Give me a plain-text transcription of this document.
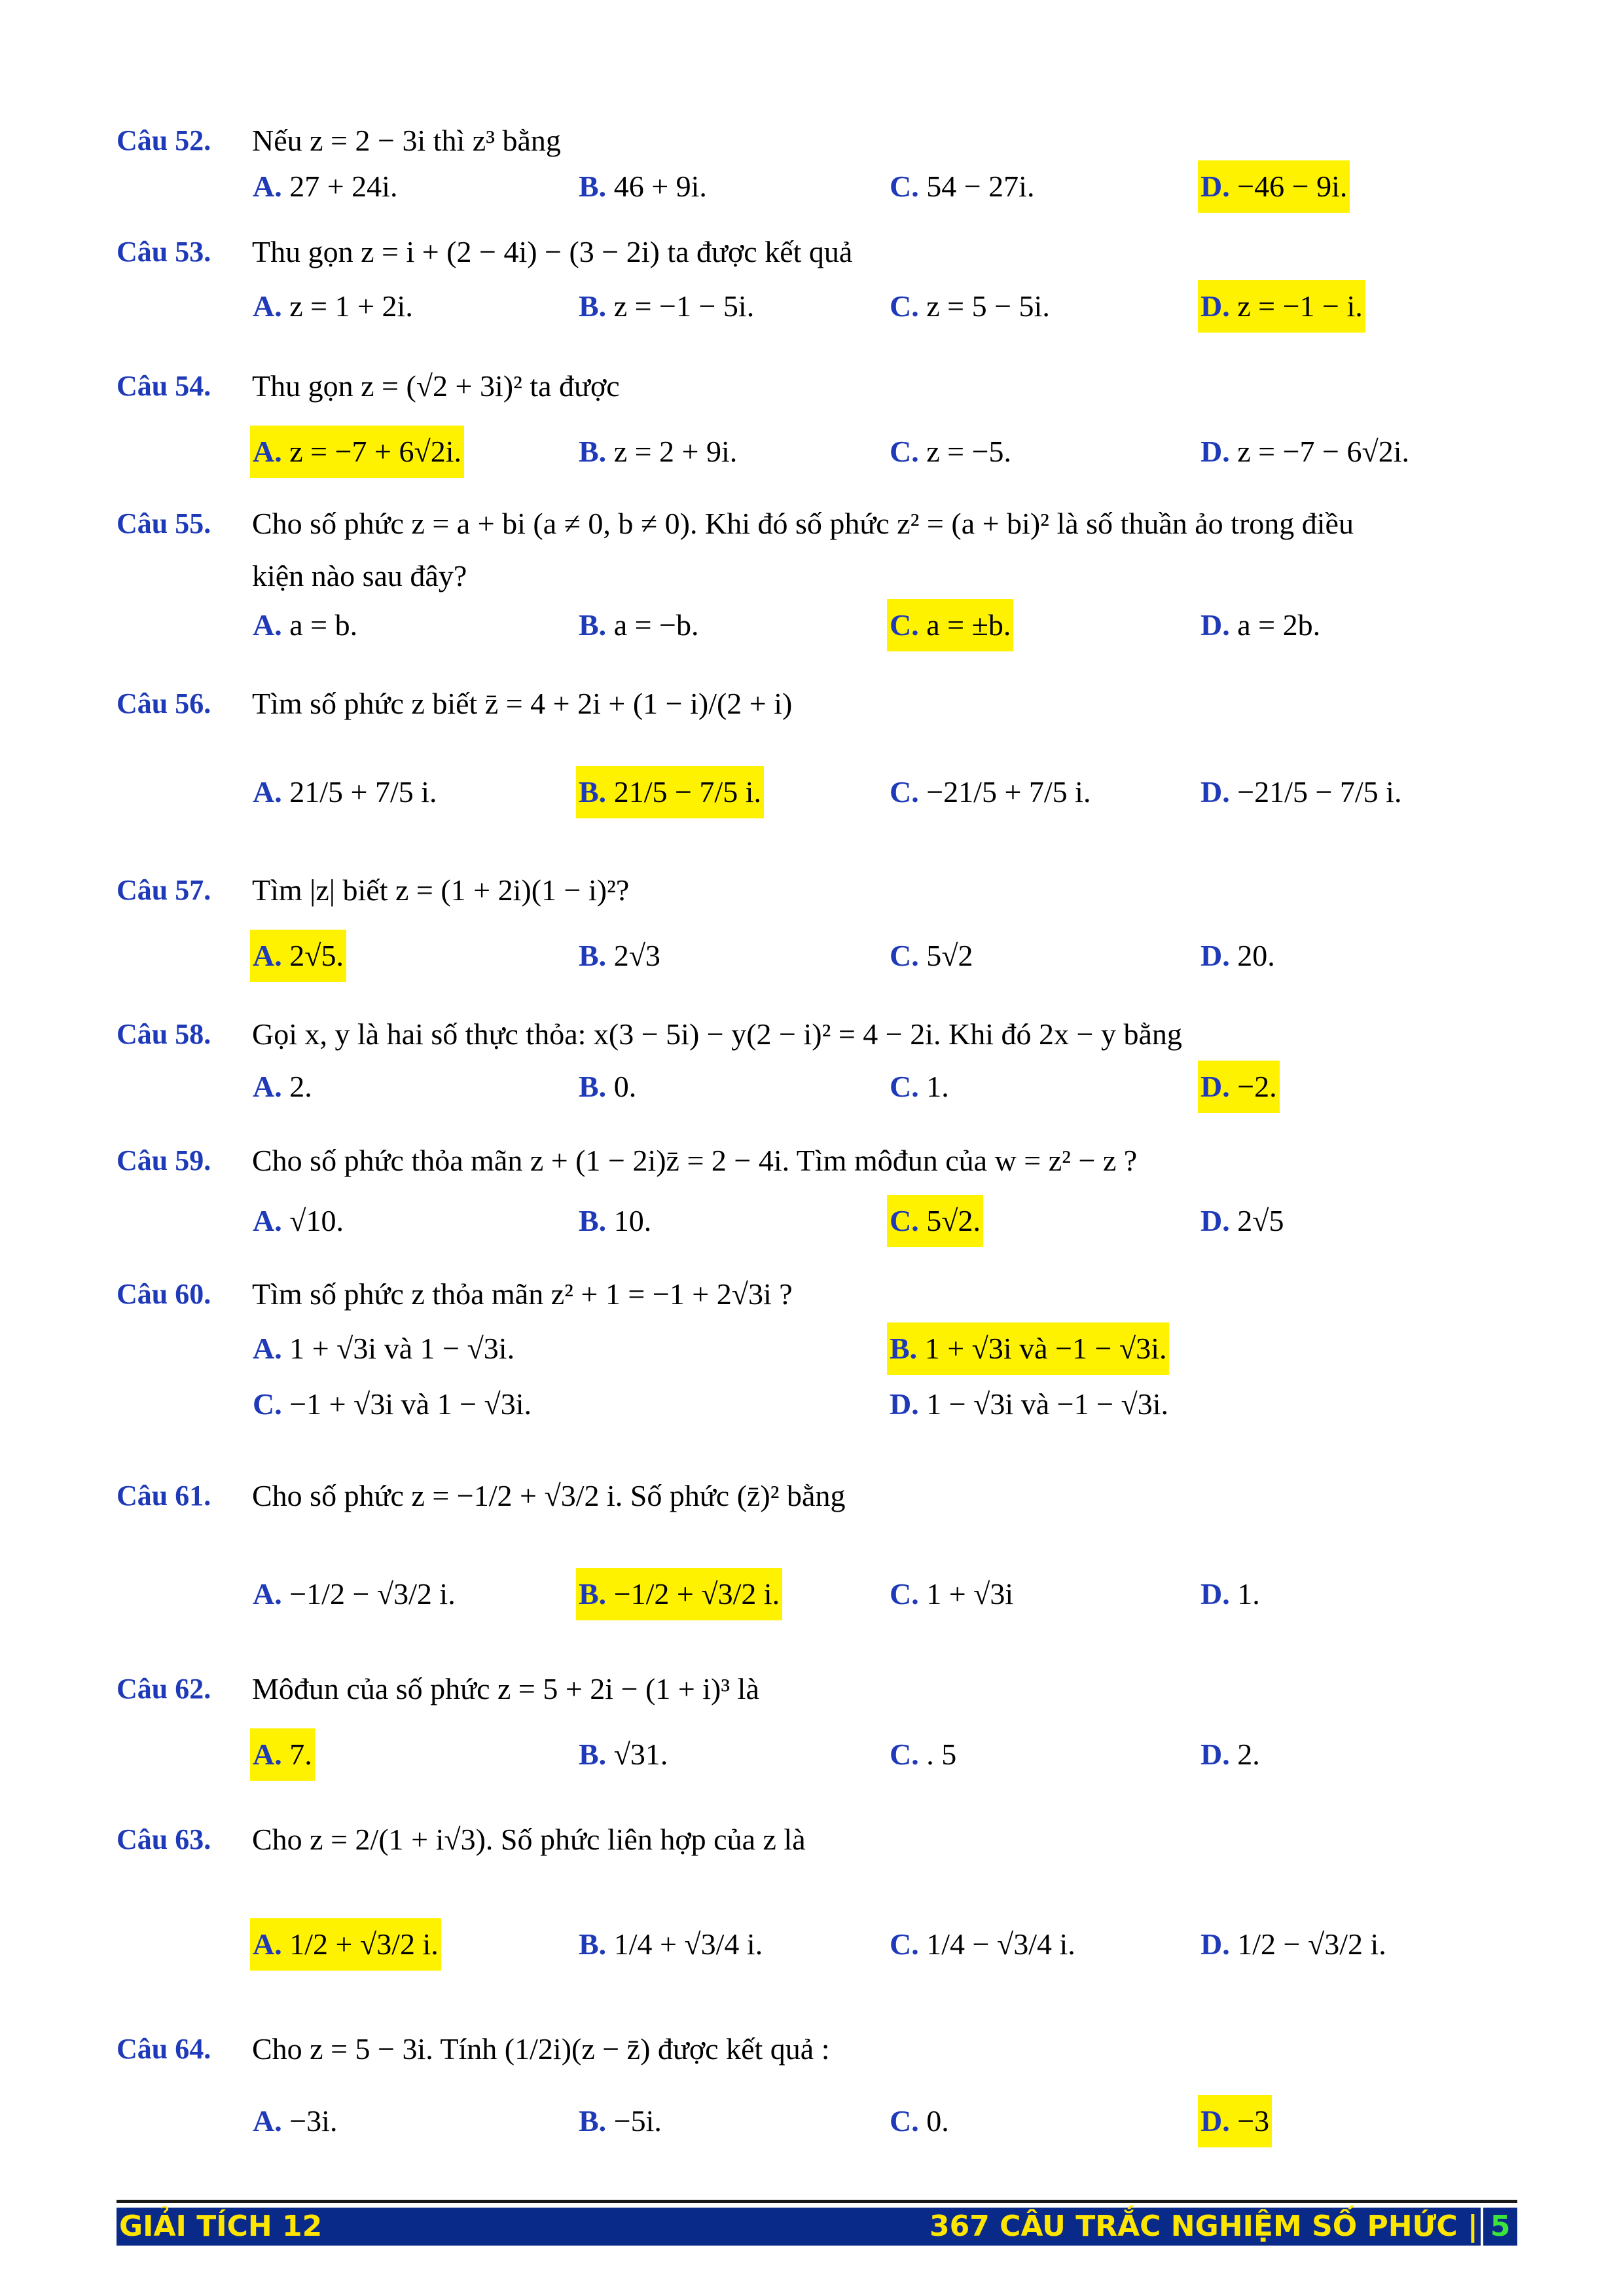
Câu 52. Nếu z = 2 − 3i thì z³ bằng
A. 27 + 24i.	B. 46 + 9i.	C. 54 − 27i.	D. −46 − 9i.
Câu 53. Thu gọn z = i + (2 − 4i) − (3 − 2i) ta được kết quả
A. z = 1 + 2i.	B. z = −1 − 5i.	C. z = 5 − 5i.	D. z = −1 − i.
Câu 54. Thu gọn z = (√2 + 3i)² ta được
A. z = −7 + 6√2i.	B. z = 2 + 9i.	C. z = −5.	D. z = −7 − 6√2i.
Câu 55. Cho số phức z = a + bi (a ≠ 0, b ≠ 0). Khi đó số phức z² = (a + bi)² là số thuần ảo trong điều
kiện nào sau đây?
A. a = b.	B. a = −b.	C. a = ±b.	D. a = 2b.
Câu 56. Tìm số phức z biết z̄ = 4 + 2i + (1 − i)/(2 + i)
A. 21/5 + 7/5 i.	B. 21/5 − 7/5 i.	C. −21/5 + 7/5 i.	D. −21/5 − 7/5 i.
Câu 57. Tìm |z| biết z = (1 + 2i)(1 − i)²?
A. 2√5.	B. 2√3	C. 5√2	D. 20.
Câu 58. Gọi x, y là hai số thực thỏa: x(3 − 5i) − y(2 − i)² = 4 − 2i. Khi đó 2x − y bằng
A. 2.	B. 0.	C. 1.	D. −2.
Câu 59. Cho số phức thỏa mãn z + (1 − 2i)z̄ = 2 − 4i. Tìm môđun của w = z² − z ?
A. √10.	B. 10.	C. 5√2.	D. 2√5
Câu 60. Tìm số phức z thỏa mãn z² + 1 = −1 + 2√3i ?
A. 1 + √3i và 1 − √3i.	B. 1 + √3i và −1 − √3i.
C. −1 + √3i và 1 − √3i.	D. 1 − √3i và −1 − √3i.
Câu 61. Cho số phức z = −1/2 + √3/2 i. Số phức (z̄)² bằng
A. −1/2 − √3/2 i.	B. −1/2 + √3/2 i.	C. 1 + √3i	D. 1.
Câu 62. Môđun của số phức z = 5 + 2i − (1 + i)³ là
A. 7.	B. √31.	C. . 5	D. 2.
Câu 63. Cho z = 2/(1 + i√3). Số phức liên hợp của z là
A. 1/2 + √3/2 i.	B. 1/4 + √3/4 i.	C. 1/4 − √3/4 i.	D. 1/2 − √3/2 i.
Câu 64. Cho z = 5 − 3i. Tính (1/2i)(z − z̄) được kết quả :
A. −3i.	B. −5i.	C. 0.	D. −3
GIẢI TÍCH 12	367 CÂU TRẮC NGHIỆM SỐ PHỨC | 5
